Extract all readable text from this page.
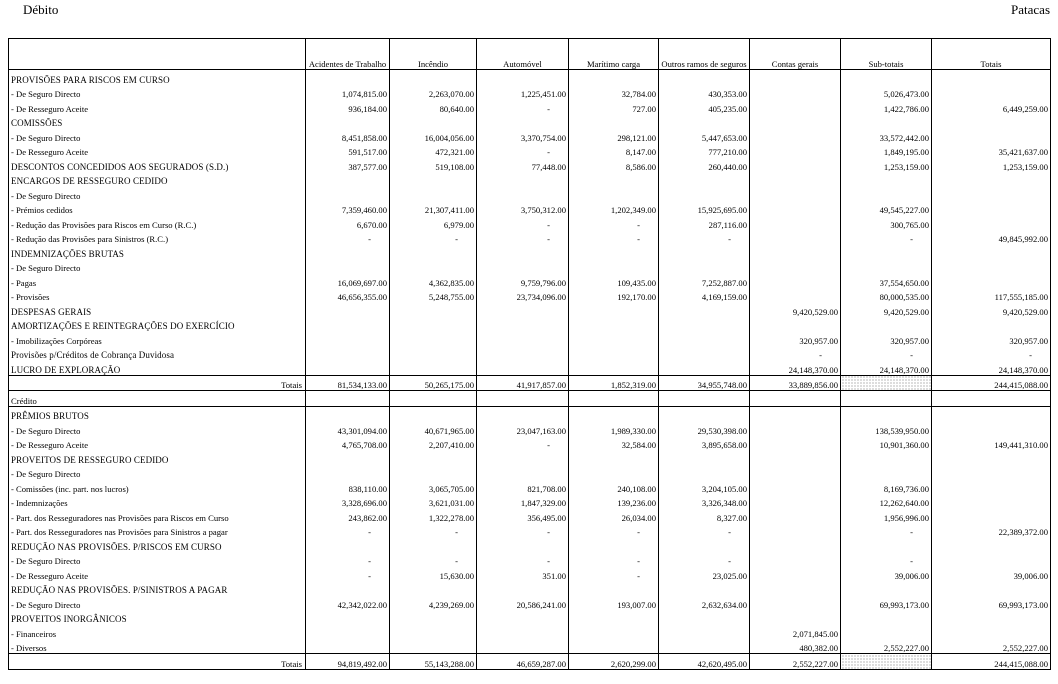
Débito	Patacas
	Acidentes de Trabalho	Incêndio	Automóvel	Marítimo carga	Outros ramos de seguros	Contas gerais	Sub-totais	Totais
PROVISÕES PARA RISCOS EM CURSO								
- De Seguro Directo	1,074,815.00	2,263,070.00	1,225,451.00	32,784.00	430,353.00		5,026,473.00	
- De Resseguro Aceite	936,184.00	80,640.00	-	727.00	405,235.00		1,422,786.00	6,449,259.00
COMISSÕES								
- De Seguro Directo	8,451,858.00	16,004,056.00	3,370,754.00	298,121.00	5,447,653.00		33,572,442.00	
- De Resseguro Aceite	591,517.00	472,321.00	-	8,147.00	777,210.00		1,849,195.00	35,421,637.00
DESCONTOS CONCEDIDOS AOS SEGURADOS (S.D.)	387,577.00	519,108.00	77,448.00	8,586.00	260,440.00		1,253,159.00	1,253,159.00
ENCARGOS DE RESSEGURO CEDIDO								
- De Seguro Directo								
- Prémios cedidos	7,359,460.00	21,307,411.00	3,750,312.00	1,202,349.00	15,925,695.00		49,545,227.00	
- Redução das Provisões para Riscos em Curso (R.C.)	6,670.00	6,979.00	-	-	287,116.00		300,765.00	
- Redução das Provisões para Sinistros (R.C.)	-	-	-	-	-		-	49,845,992.00
INDEMNIZAÇÕES BRUTAS								
- De Seguro Directo								
- Pagas	16,069,697.00	4,362,835.00	9,759,796.00	109,435.00	7,252,887.00		37,554,650.00	
- Provisões	46,656,355.00	5,248,755.00	23,734,096.00	192,170.00	4,169,159.00		80,000,535.00	117,555,185.00
DESPESAS GERAIS						9,420,529.00	9,420,529.00	9,420,529.00
AMORTIZAÇÕES E REINTEGRAÇÕES DO EXERCÍCIO								
- Imobilizações Corpóreas						320,957.00	320,957.00	320,957.00
Provisões p/Créditos de Cobrança Duvidosa						-	-	-
LUCRO DE EXPLORAÇÃO						24,148,370.00	24,148,370.00	24,148,370.00
Totais	81,534,133.00	50,265,175.00	41,917,857.00	1,852,319.00	34,955,748.00	33,889,856.00		244,415,088.00
Crédito								
PRÊMIOS BRUTOS								
- De Seguro Directo	43,301,094.00	40,671,965.00	23,047,163.00	1,989,330.00	29,530,398.00		138,539,950.00	
- De Resseguro Aceite	4,765,708.00	2,207,410.00	-	32,584.00	3,895,658.00		10,901,360.00	149,441,310.00
PROVEITOS DE RESSEGURO CEDIDO								
- De Seguro Directo								
- Comissões (inc. part. nos lucros)	838,110.00	3,065,705.00	821,708.00	240,108.00	3,204,105.00		8,169,736.00	
- Indemnizações	3,328,696.00	3,621,031.00	1,847,329.00	139,236.00	3,326,348.00		12,262,640.00	
- Part. dos Resseguradores nas Provisões para Riscos em Curso	243,862.00	1,322,278.00	356,495.00	26,034.00	8,327.00		1,956,996.00	
- Part. dos Resseguradores nas Provisões para Sinistros a pagar	-	-	-	-	-		-	22,389,372.00
REDUÇÃO NAS PROVISÕES. P/RISCOS EM CURSO								
- De Seguro Directo	-	-	-	-	-		-	
- De Resseguro Aceite	-	15,630.00	351.00	-	23,025.00		39,006.00	39,006.00
REDUÇÃO NAS PROVISÕES. P/SINISTROS A PAGAR								
- De Seguro Directo	42,342,022.00	4,239,269.00	20,586,241.00	193,007.00	2,632,634.00		69,993,173.00	69,993,173.00
PROVEITOS INORGÂNICOS								
- Financeiros						2,071,845.00		
- Diversos						480,382.00	2,552,227.00	2,552,227.00
Totais	94,819,492.00	55,143,288.00	46,659,287.00	2,620,299.00	42,620,495.00	2,552,227.00		244,415,088.00
